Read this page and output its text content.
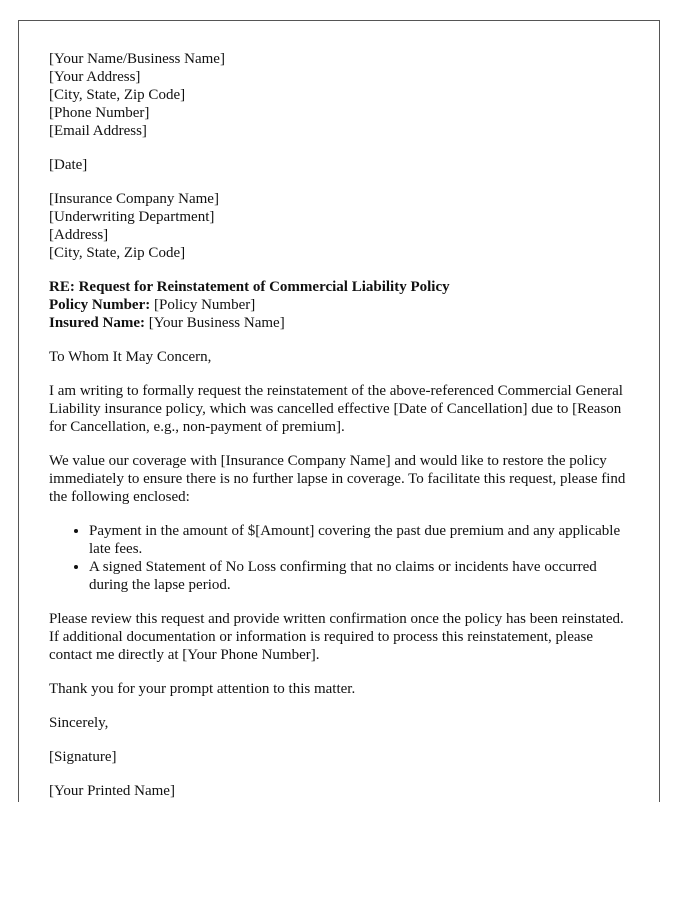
[Your Name/Business Name]
[Your Address]
[City, State, Zip Code]
[Phone Number]
[Email Address]
[Date]
[Insurance Company Name]
[Underwriting Department]
[Address]
[City, State, Zip Code]
RE: Request for Reinstatement of Commercial Liability Policy
Policy Number: [Policy Number]
Insured Name: [Your Business Name]

To Whom It May Concern,

I am writing to formally request the reinstatement of the above-referenced Commercial General Liability insurance policy, which was cancelled effective [Date of Cancellation] due to [Reason for Cancellation, e.g., non-payment of premium].

We value our coverage with [Insurance Company Name] and would like to restore the policy immediately to ensure there is no further lapse in coverage. To facilitate this request, please find the following enclosed:

• Payment in the amount of $[Amount] covering the past due premium and any applicable late fees.
• A signed Statement of No Loss confirming that no claims or incidents have occurred during the lapse period.

Please review this request and provide written confirmation once the policy has been reinstated. If additional documentation or information is required to process this reinstatement, please contact me directly at [Your Phone Number].

Thank you for your prompt attention to this matter.

Sincerely,

[Signature]

[Your Printed Name]
